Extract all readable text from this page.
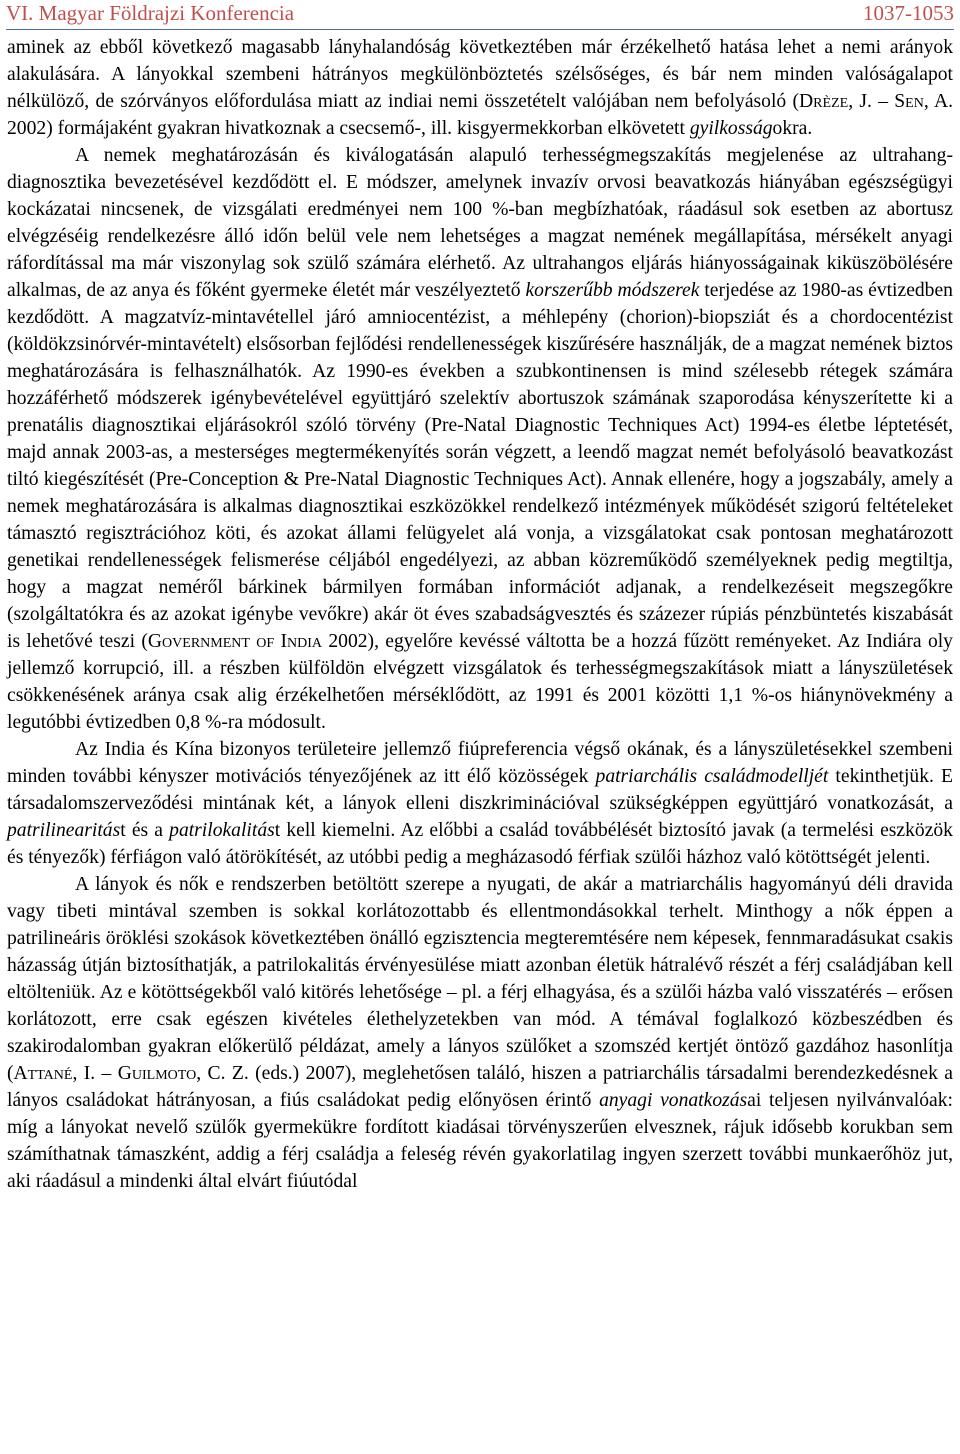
VI. Magyar Földrajzi Konferencia	1037-1053

aminek az ebből következő magasabb lányhalandóság következtében már érzékelhető hatása lehet a nemi arányok alakulására. A lányokkal szembeni hátrányos megkülönböztetés szélsőséges, és bár nem minden valóságalapot nélkülöző, de szórványos előfordulása miatt az indiai nemi összetételt valójában nem befolyásoló (Drèze, J. – Sen, A. 2002) formájaként gyakran hivatkoznak a csecsemő-, ill. kisgyermekkorban elkövetett gyilkosságokra.

A nemek meghatározásán és kiválogatásán alapuló terhességmegszakítás megjelenése az ultrahang-diagnosztika bevezetésével kezdődött el. E módszer, amelynek invazív orvosi beavatkozás hiányában egészségügyi kockázatai nincsenek, de vizsgálati eredményei nem 100 %-ban megbízhatóak, ráadásul sok esetben az abortusz elvégzéséig rendelkezésre álló időn belül vele nem lehetséges a magzat nemének megállapítása, mérsékelt anyagi ráfordítással ma már viszonylag sok szülő számára elérhető. Az ultrahangos eljárás hiányosságainak kiküszöbölésére alkalmas, de az anya és főként gyermeke életét már veszélyeztető korszerűbb módszerek terjedése az 1980-as évtizedben kezdődött. A magzatvíz-mintavétellel járó amniocentézist, a méhlepény (chorion)-biopsziát és a chordocentézist (köldökzsinórvér-mintavételt) elsősorban fejlődési rendellenességek kiszűrésére használják, de a magzat nemének biztos meghatározására is felhasználhatók. Az 1990-es években a szubkontinensen is mind szélesebb rétegek számára hozzáférhető módszerek igénybevételével együttjáró szelektív abortuszok számának szaporodása kényszerítette ki a prenatális diagnosztikai eljárásokról szóló törvény (Pre-Natal Diagnostic Techniques Act) 1994-es életbe léptetését, majd annak 2003-as, a mesterséges megtermékenyítés során végzett, a leendő magzat nemét befolyásoló beavatkozást tiltó kiegészítését (Pre-Conception & Pre-Natal Diagnostic Techniques Act). Annak ellenére, hogy a jogszabály, amely a nemek meghatározására is alkalmas diagnosztikai eszközökkel rendelkező intézmények működését szigorú feltételeket támasztó regisztrációhoz köti, és azokat állami felügyelet alá vonja, a vizsgálatokat csak pontosan meghatározott genetikai rendellenességek felismerése céljából engedélyezi, az abban közreműködő személyeknek pedig megtiltja, hogy a magzat neméről bárkinek bármilyen formában információt adjanak, a rendelkezéseit megszegőkre (szolgáltatókra és az azokat igénybe vevőkre) akár öt éves szabadságvesztés és százezer rúpiás pénzbüntetés kiszabását is lehetővé teszi (Government of India 2002), egyelőre kevéssé váltotta be a hozzá fűzött reményeket. Az Indiára oly jellemző korrupció, ill. a részben külföldön elvégzett vizsgálatok és terhességmegszakítások miatt a lányszületések csökkenésének aránya csak alig érzékelhetően mérséklődött, az 1991 és 2001 közötti 1,1 %-os hiánynövekmény a legutóbbi évtizedben 0,8 %-ra módosult.

Az India és Kína bizonyos területeire jellemző fiúpreferencia végső okának, és a lányszületésekkel szembeni minden további kényszer motivációs tényezőjének az itt élő közösségek patriarchális családmodelljét tekinthetjük. E társadalomszerveződési mintának két, a lányok elleni diszkriminációval szükségképpen együttjáró vonatkozását, a patrilinearitást és a patrilokalitást kell kiemelni. Az előbbi a család továbbélését biztosító javak (a termelési eszközök és tényezők) férfiágon való átörökítését, az utóbbi pedig a megházasodó férfiak szülői házhoz való kötöttségét jelenti.

A lányok és nők e rendszerben betöltött szerepe a nyugati, de akár a matriarchális hagyományú déli dravida vagy tibeti mintával szemben is sokkal korlátozottabb és ellentmondásokkal terhelt. Minthogy a nők éppen a patrilineáris öröklési szokások következtében önálló egzisztencia megteremtésére nem képesek, fennmaradásukat csakis házasság útján biztosíthatják, a patrilokalitás érvényesülése miatt azonban életük hátralévő részét a férj családjában kell eltölteniük. Az e kötöttségekből való kitörés lehetősége – pl. a férj elhagyása, és a szülői házba való visszatérés – erősen korlátozott, erre csak egészen kivételes élethelyzetekben van mód. A témával foglalkozó közbeszédben és szakirodalomban gyakran előkerülő példázat, amely a lányos szülőket a szomszéd kertjét öntöző gazdához hasonlítja (Attané, I. – Guilmoto, C. Z. (eds.) 2007), meglehetősen találó, hiszen a patriarchális társadalmi berendezkedésnek a lányos családokat hátrányosan, a fiús családokat pedig előnyösen érintő anyagi vonatkozásai teljesen nyilvánvalóak: míg a lányokat nevelő szülők gyermekükre fordított kiadásai törvényszerűen elvesznek, rájuk idősebb korukban sem számíthatnak támaszként, addig a férj családja a feleség révén gyakorlatilag ingyen szerzett további munkaerőhöz jut, aki ráadásul a mindenki által elvárt fiúutódal
